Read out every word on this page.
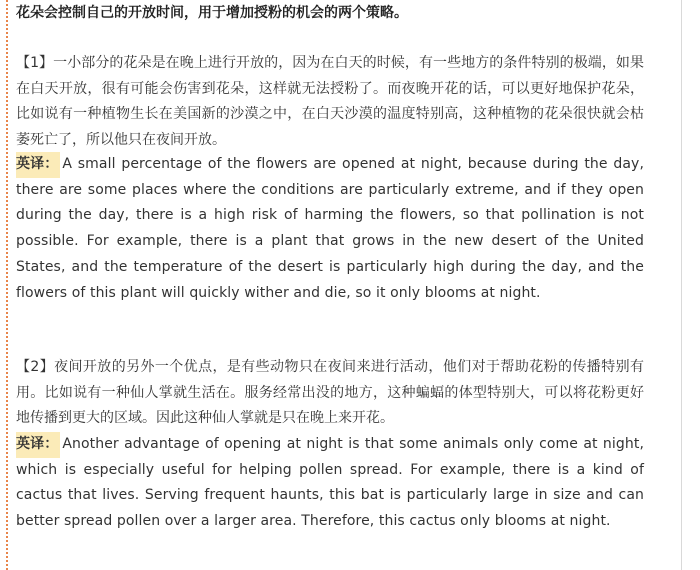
花朵会控制自己的开放时间，用于增加授粉的机会的两个策略。
【1】一小部分的花朵是在晚上进行开放的，因为在白天的时候，有一些地方的条件特别的极端，如果在白天开放，很有可能会伤害到花朵，这样就无法授粉了。而夜晚开花的话，可以更好地保护花朵，比如说有一种植物生长在美国新的沙漠之中，在白天沙漠的温度特别高，这种植物的花朵很快就会枯萎死亡了，所以他只在夜间开放。
英译： A small percentage of the flowers are opened at night, because during the day, there are some places where the conditions are particularly extreme, and if they open during the day, there is a high risk of harming the flowers, so that pollination is not possible. For example, there is a plant that grows in the new desert of the United States, and the temperature of the desert is particularly high during the day, and the flowers of this plant will quickly wither and die, so it only blooms at night.
【2】夜间开放的另外一个优点，是有些动物只在夜间来进行活动，他们对于帮助花粉的传播特别有用。比如说有一种仙人掌就生活在。服务经常出没的地方，这种蝙蝠的体型特别大，可以将花粉更好地传播到更大的区域。因此这种仙人掌就是只在晚上来开花。
英译： Another advantage of opening at night is that some animals only come at night, which is especially useful for helping pollen spread. For example, there is a kind of cactus that lives. Serving frequent haunts, this bat is particularly large in size and can better spread pollen over a larger area. Therefore, this cactus only blooms at night.
